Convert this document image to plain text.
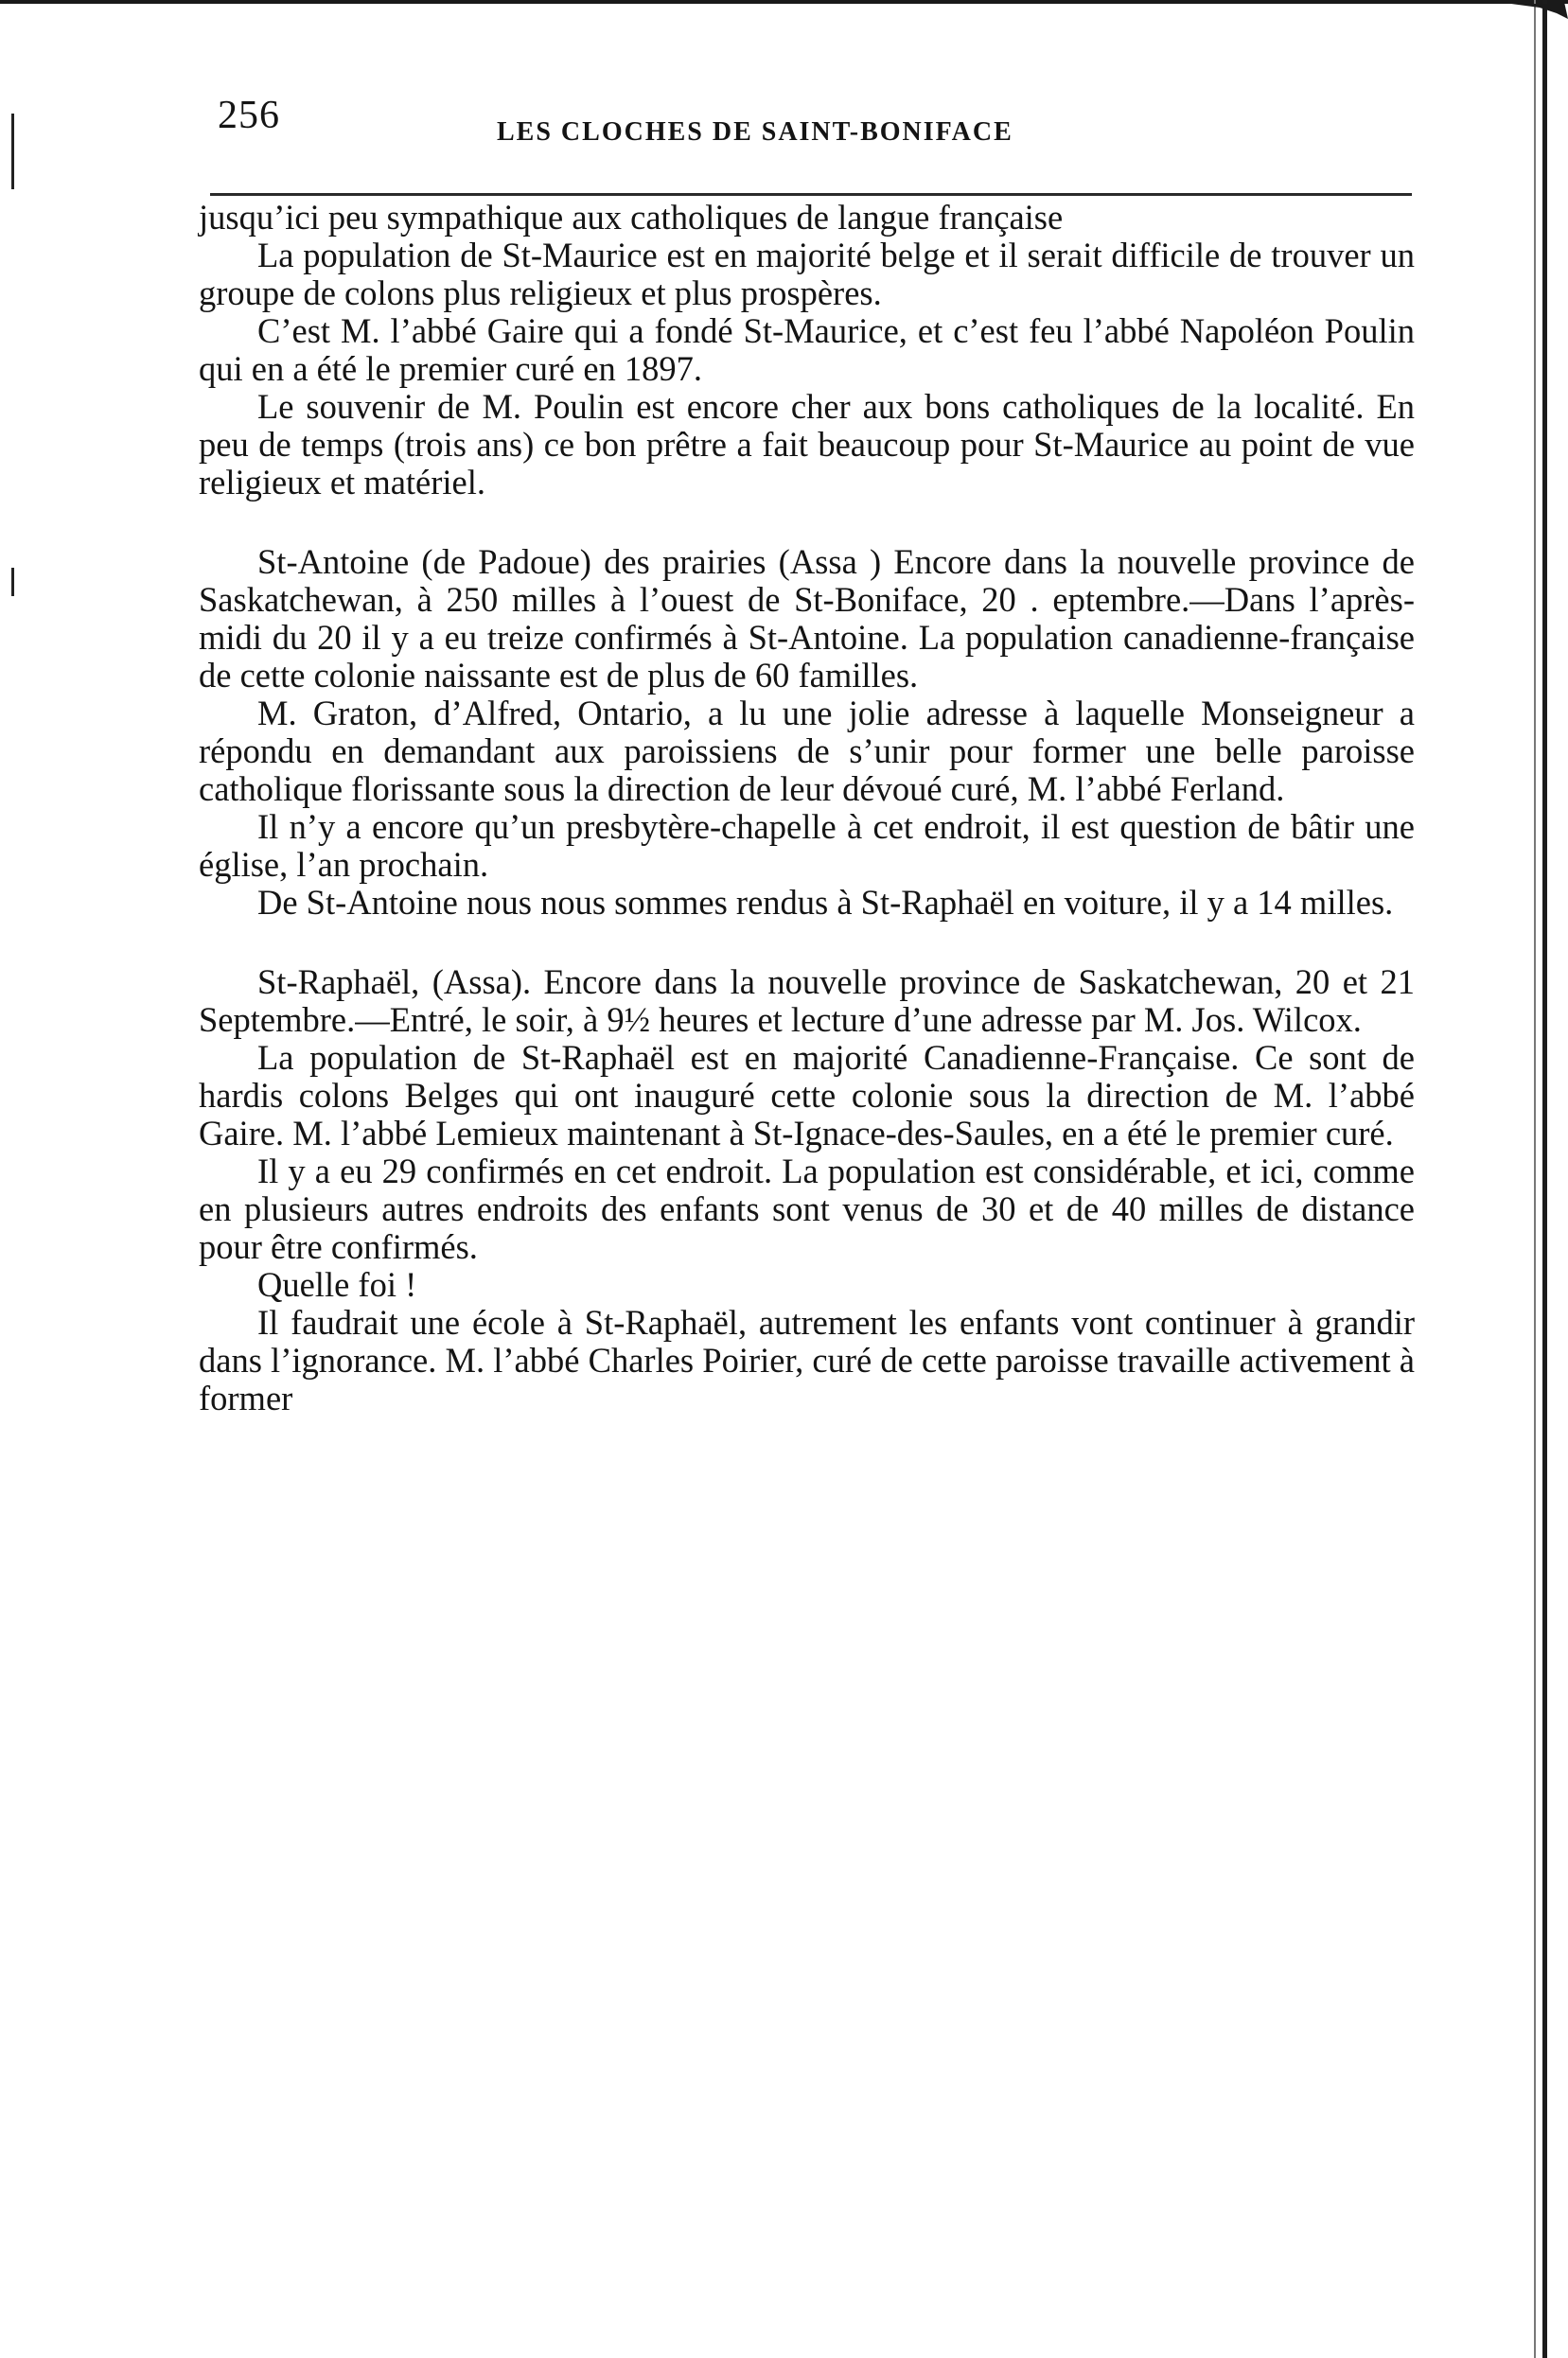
256	LES CLOCHES DE SAINT-BONIFACE

jusqu’ici peu sympathique aux catholiques de langue française

La population de St-Maurice est en majorité belge et il serait difficile de trouver un groupe de colons plus religieux et plus prospères.

C’est M. l’abbé Gaire qui a fondé St-Maurice, et c’est feu l’abbé Napoléon Poulin qui en a été le premier curé en 1897.

Le souvenir de M. Poulin est encore cher aux bons catholiques de la localité. En peu de temps (trois ans) ce bon prêtre a fait beaucoup pour St-Maurice au point de vue religieux et matériel.

St-Antoine (de Padoue) des prairies (Assa ) Encore dans la nouvelle province de Saskatchewan, à 250 milles à l’ouest de St-Boniface, 20 . eptembre.—Dans l’après-midi du 20 il y a eu treize confirmés à St-Antoine. La population canadienne-française de cette colonie naissante est de plus de 60 familles.

M. Graton, d’Alfred, Ontario, a lu une jolie adresse à laquelle Monseigneur a répondu en demandant aux paroissiens de s’unir pour former une belle paroisse catholique florissante sous la direction de leur dévoué curé, M. l’abbé Ferland.

Il n’y a encore qu’un presbytère-chapelle à cet endroit, il est question de bâtir une église, l’an prochain.

De St-Antoine nous nous sommes rendus à St-Raphaël en voiture, il y a 14 milles.

St-Raphaël, (Assa). Encore dans la nouvelle province de Saskatchewan, 20 et 21 Septembre.—Entré, le soir, à 9½ heures et lecture d’une adresse par M. Jos. Wilcox.

La population de St-Raphaël est en majorité Canadienne-Française. Ce sont de hardis colons Belges qui ont inauguré cette colonie sous la direction de M. l’abbé Gaire. M. l’abbé Lemieux maintenant à St-Ignace-des-Saules, en a été le premier curé.

Il y a eu 29 confirmés en cet endroit. La population est considérable, et ici, comme en plusieurs autres endroits des enfants sont venus de 30 et de 40 milles de distance pour être confirmés.

Quelle foi !

Il faudrait une école à St-Raphaël, autrement les enfants vont continuer à grandir dans l’ignorance. M. l’abbé Charles Poirier, curé de cette paroisse travaille activement à former
